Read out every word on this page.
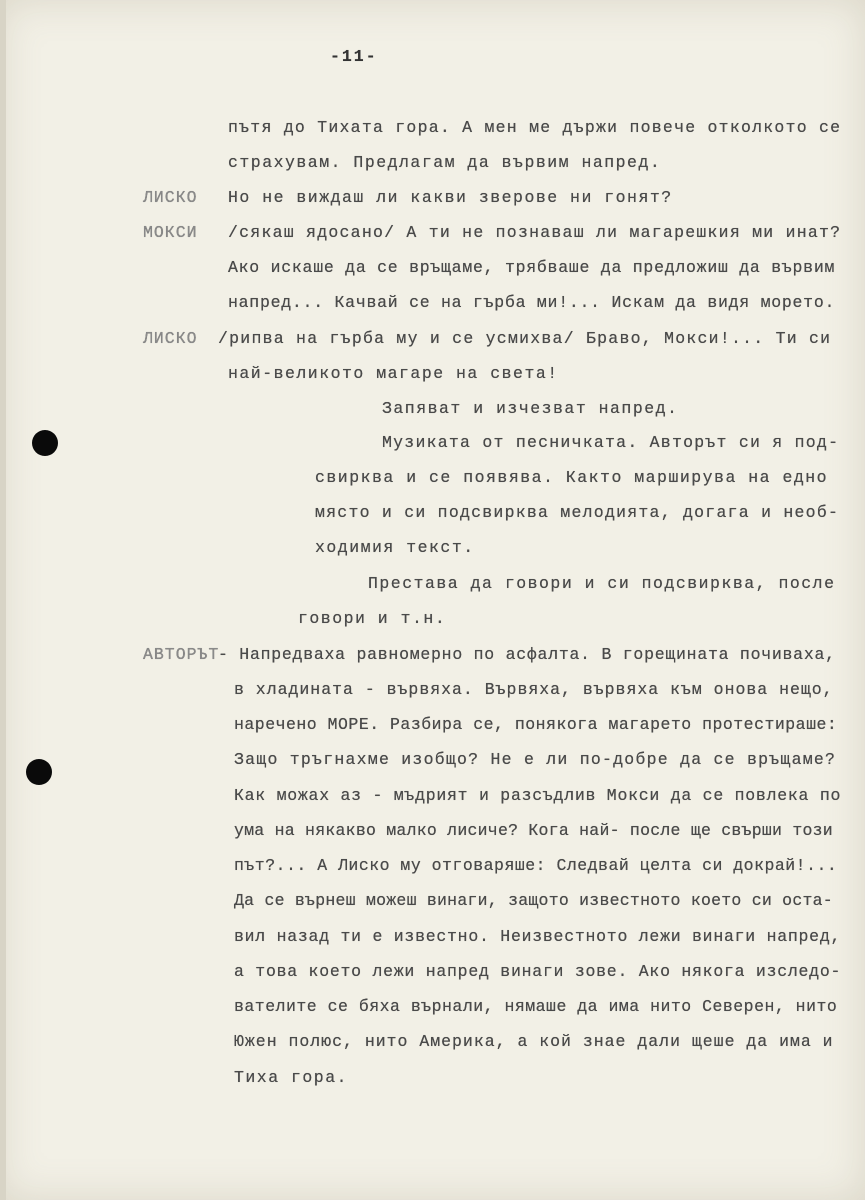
-11-
пътя до Тихата гора. А мен ме държи повече отколкото се
страхувам. Предлагам да вървим напред.
ЛИСКО Но не виждаш ли какви зверове ни гонят?
МОКСИ /сякаш ядосано/ А ти не познаваш ли магарешкия ми инат?
Ако искаше да се връщаме, трябваше да предложиш да вървим
напред... Качвай се на гърба ми!... Искам да видя морето.
ЛИСКО /рипва на гърба му и се усмихва/ Браво, Мокси!... Ти си
най-великото магаре на света!
Запяват и изчезват напред.
Музиката от песничката. Авторът си я под-
свирква и се появява. Както марширува на едно
място и си подсвирква мелодията, догага и необ-
ходимия текст.
Престава да говори и си подсвирква, после
говори и т.н.
АВТОРЪТ
- Напредваха равномерно по асфалта. В горещината почиваха,
в хладината - вървяха. Вървяха, вървяха към онова нещо,
наречено МОРЕ. Разбира се, понякога магарето протестираше:
Защо тръгнахме изобщо? Не е ли по-добре да се връщаме?
Как можах аз - мъдрият и разсъдлив Мокси да се повлека по
ума на някакво малко лисиче? Кога най- после ще свърши този
път?... А Лиско му отговаряше: Следвай целта си докрай!...
Да се върнеш можеш винаги, защото известното което си оста-
вил назад ти е известно. Неизвестното лежи винаги напред,
а това което лежи напред винаги зове. Ако някога изследо-
вателите се бяха върнали, нямаше да има нито Северен, нито
Южен полюс, нито Америка, а кой знае дали щеше да има и
Тиха гора.
